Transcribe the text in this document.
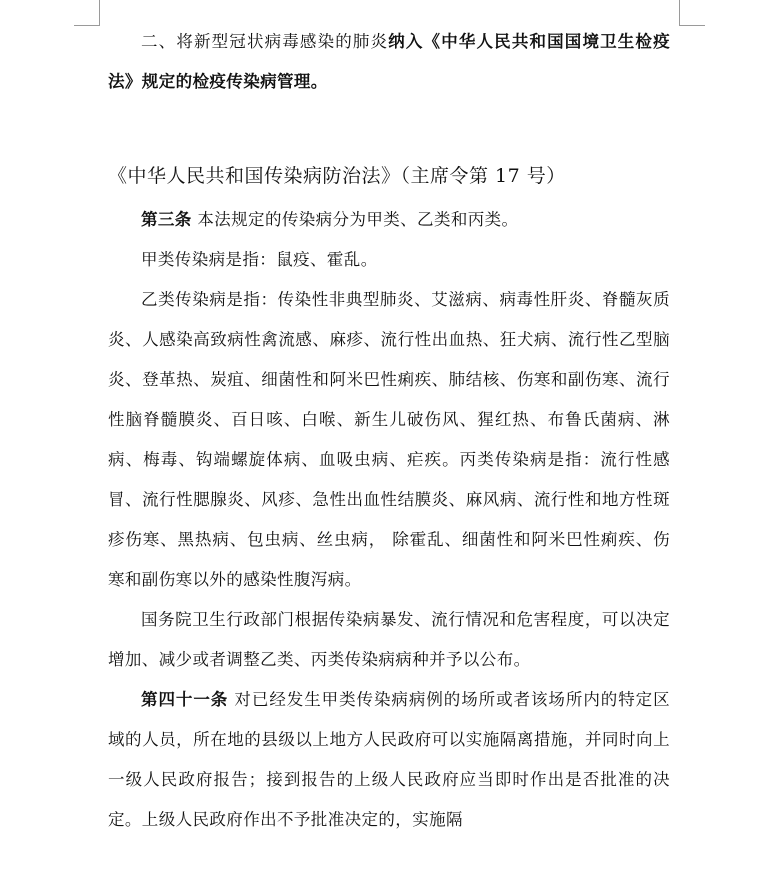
二、将新型冠状病毒感染的肺炎纳入《中华人民共和国国境卫生检疫法》规定的检疫传染病管理。

《中华人民共和国传染病防治法》（主席令第 17 号）

第三条 本法规定的传染病分为甲类、乙类和丙类。

甲类传染病是指：鼠疫、霍乱。

乙类传染病是指：传染性非典型肺炎、艾滋病、病毒性肝炎、脊髓灰质炎、人感染高致病性禽流感、麻疹、流行性出血热、狂犬病、流行性乙型脑炎、登革热、炭疽、细菌性和阿米巴性痢疾、肺结核、伤寒和副伤寒、流行性脑脊髓膜炎、百日咳、白喉、新生儿破伤风、猩红热、布鲁氏菌病、淋病、梅毒、钩端螺旋体病、血吸虫病、疟疾。丙类传染病是指：流行性感冒、流行性腮腺炎、风疹、急性出血性结膜炎、麻风病、流行性和地方性斑疹伤寒、黑热病、包虫病、丝虫病， 除霍乱、细菌性和阿米巴性痢疾、伤寒和副伤寒以外的感染性腹泻病。

国务院卫生行政部门根据传染病暴发、流行情况和危害程度，可以决定增加、减少或者调整乙类、丙类传染病病种并予以公布。

第四十一条 对已经发生甲类传染病病例的场所或者该场所内的特定区域的人员，所在地的县级以上地方人民政府可以实施隔离措施，并同时向上一级人民政府报告；接到报告的上级人民政府应当即时作出是否批准的决定。上级人民政府作出不予批准决定的，实施隔
